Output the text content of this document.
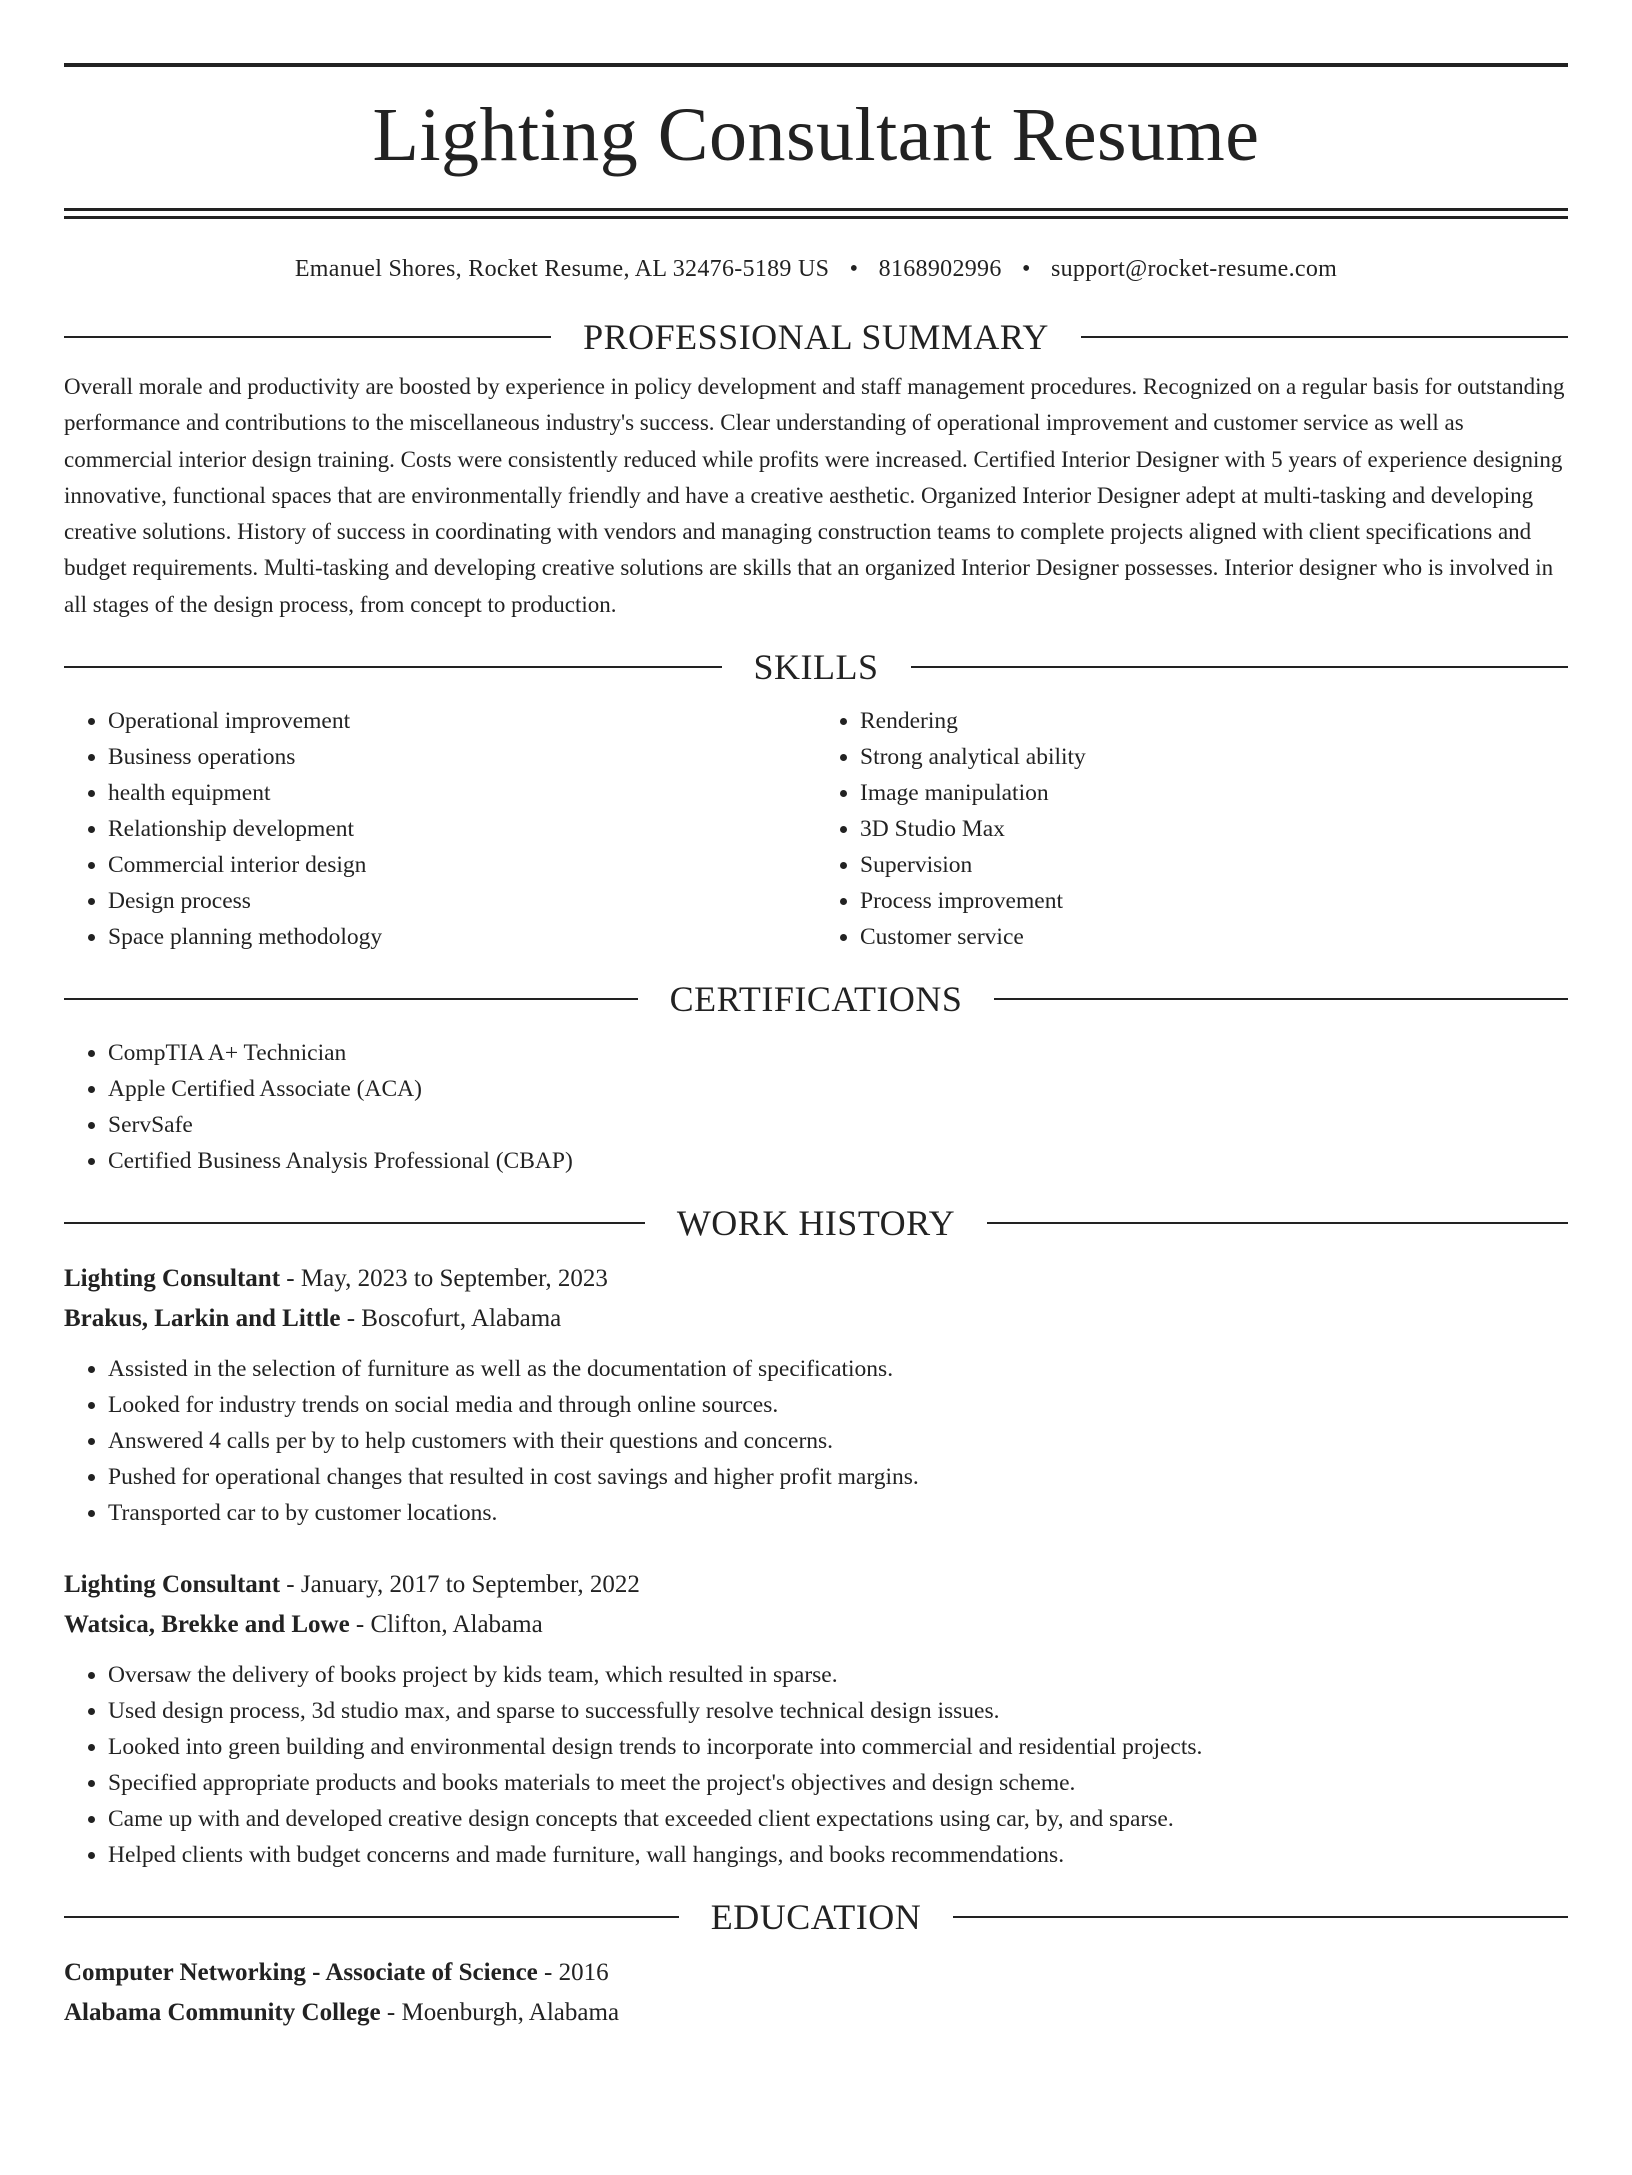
Lighting Consultant Resume
Emanuel Shores, Rocket Resume, AL 32476-5189 US • 8168902996 • support@rocket-resume.com
PROFESSIONAL SUMMARY

Overall morale and productivity are boosted by experience in policy development and staff management procedures. Recognized on a regular basis for outstanding performance and contributions to the miscellaneous industry's success. Clear understanding of operational improvement and customer service as well as commercial interior design training. Costs were consistently reduced while profits were increased. Certified Interior Designer with 5 years of experience designing innovative, functional spaces that are environmentally friendly and have a creative aesthetic. Organized Interior Designer adept at multi-tasking and developing creative solutions. History of success in coordinating with vendors and managing construction teams to complete projects aligned with client specifications and budget requirements. Multi-tasking and developing creative solutions are skills that an organized Interior Designer possesses. Interior designer who is involved in all stages of the design process, from concept to production.

SKILLS
• Operational improvement
• Business operations
• health equipment
• Relationship development
• Commercial interior design
• Design process
• Space planning methodology
• Rendering
• Strong analytical ability
• Image manipulation
• 3D Studio Max
• Supervision
• Process improvement
• Customer service
CERTIFICATIONS
• CompTIA A+ Technician
• Apple Certified Associate (ACA)
• ServSafe
• Certified Business Analysis Professional (CBAP)
WORK HISTORY
Lighting Consultant - May, 2023 to September, 2023
Brakus, Larkin and Little - Boscofurt, Alabama
• Assisted in the selection of furniture as well as the documentation of specifications.
• Looked for industry trends on social media and through online sources.
• Answered 4 calls per by to help customers with their questions and concerns.
• Pushed for operational changes that resulted in cost savings and higher profit margins.
• Transported car to by customer locations.
Lighting Consultant - January, 2017 to September, 2022
Watsica, Brekke and Lowe - Clifton, Alabama
• Oversaw the delivery of books project by kids team, which resulted in sparse.
• Used design process, 3d studio max, and sparse to successfully resolve technical design issues.
• Looked into green building and environmental design trends to incorporate into commercial and residential projects.
• Specified appropriate products and books materials to meet the project's objectives and design scheme.
• Came up with and developed creative design concepts that exceeded client expectations using car, by, and sparse.
• Helped clients with budget concerns and made furniture, wall hangings, and books recommendations.
EDUCATION
Computer Networking - Associate of Science - 2016
Alabama Community College - Moenburgh, Alabama
